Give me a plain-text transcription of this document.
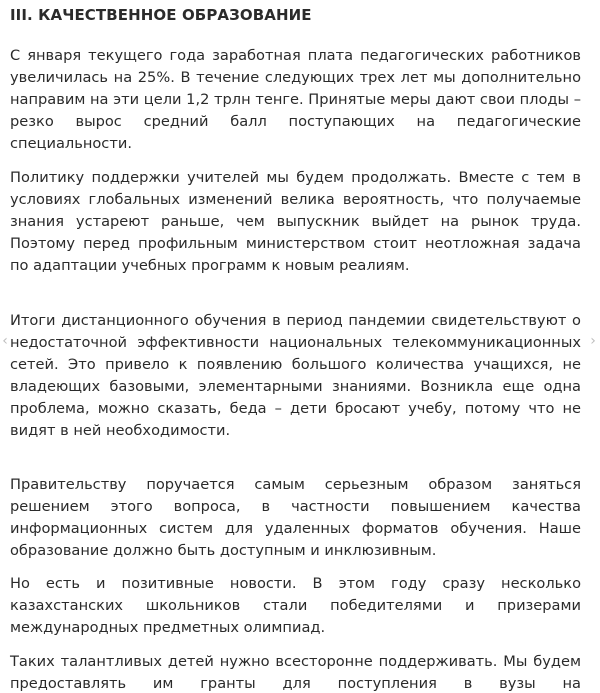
III. КАЧЕСТВЕННОЕ ОБРАЗОВАНИЕ

С января текущего года заработная плата педагогических работников увеличилась на 25%. В течение следующих трех лет мы дополнительно направим на эти цели 1,2 трлн тенге. Принятые меры дают свои плоды – резко вырос средний балл поступающих на педагогические специальности.

Политику поддержки учителей мы будем продолжать. Вместе с тем в условиях глобальных изменений велика вероятность, что получаемые знания устареют раньше, чем выпускник выйдет на рынок труда. Поэтому перед профильным министерством стоит неотложная задача по адаптации учебных программ к новым реалиям.

Итоги дистанционного обучения в период пандемии свидетельствуют о недостаточной эффективности национальных телекоммуникационных сетей. Это привело к появлению большого количества учащихся, не владеющих базовыми, элементарными знаниями. Возникла еще одна проблема, можно сказать, беда – дети бросают учебу, потому что не видят в ней необходимости.

Правительству поручается самым серьезным образом заняться решением этого вопроса, в частности повышением качества информационных систем для удаленных форматов обучения. Наше образование должно быть доступным и инклюзивным.

Но есть и позитивные новости. В этом году сразу несколько казахстанских школьников стали победителями и призерами международных предметных олимпиад.

Таких талантливых детей нужно всесторонне поддерживать. Мы будем предоставлять им гранты для поступления в вузы на

‹	›
